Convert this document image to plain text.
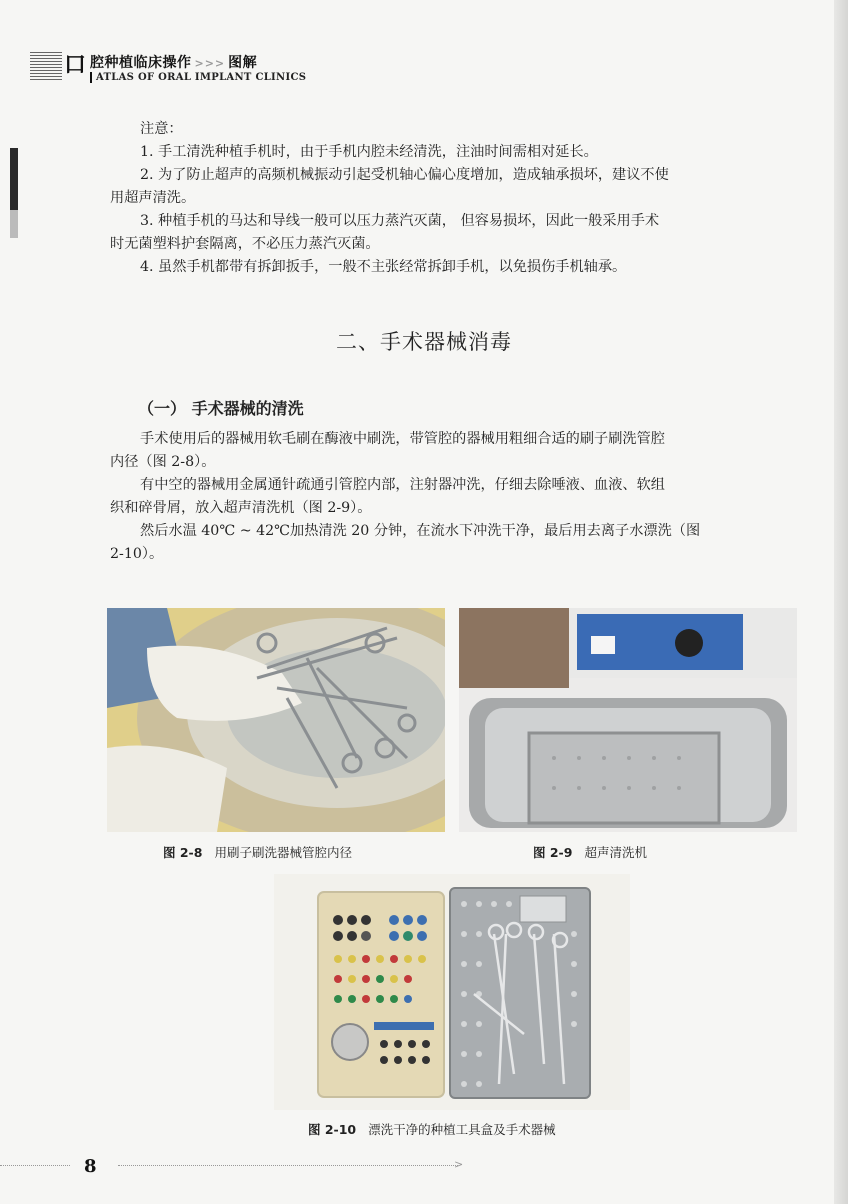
口 腔种植临床操作 >>> 图解
ATLAS OF ORAL IMPLANT CLINICS

注意：

1. 手工清洗种植手机时，由于手机内腔未经清洗，注油时间需相对延长。

2. 为了防止超声的高频机械振动引起受机轴心偏心度增加，造成轴承损坏，建议不使

用超声清洗。

3. 种植手机的马达和导线一般可以压力蒸汽灭菌， 但容易损坏，因此一般采用手术

时无菌塑料护套隔离，不必压力蒸汽灭菌。

4. 虽然手机都带有拆卸扳手，一般不主张经常拆卸手机，以免损伤手机轴承。

二、手术器械消毒
（一） 手术器械的清洗

手术使用后的器械用软毛刷在酶液中刷洗，带管腔的器械用粗细合适的刷子刷洗管腔

内径（图 2-8）。

有中空的器械用金属通针疏通引管腔内部，注射器冲洗，仔细去除唾液、血液、软组

织和碎骨屑，放入超声清洗机（图 2-9）。

然后水温 40℃ ~ 42℃加热清洗 20 分钟，在流水下冲洗干净，最后用去离子水漂洗（图

2-10）。

图 2-8 用刷子刷洗器械管腔内径	图 2-9 超声清洗机
图 2-10 漂洗干净的种植工具盒及手术器械
8	>
